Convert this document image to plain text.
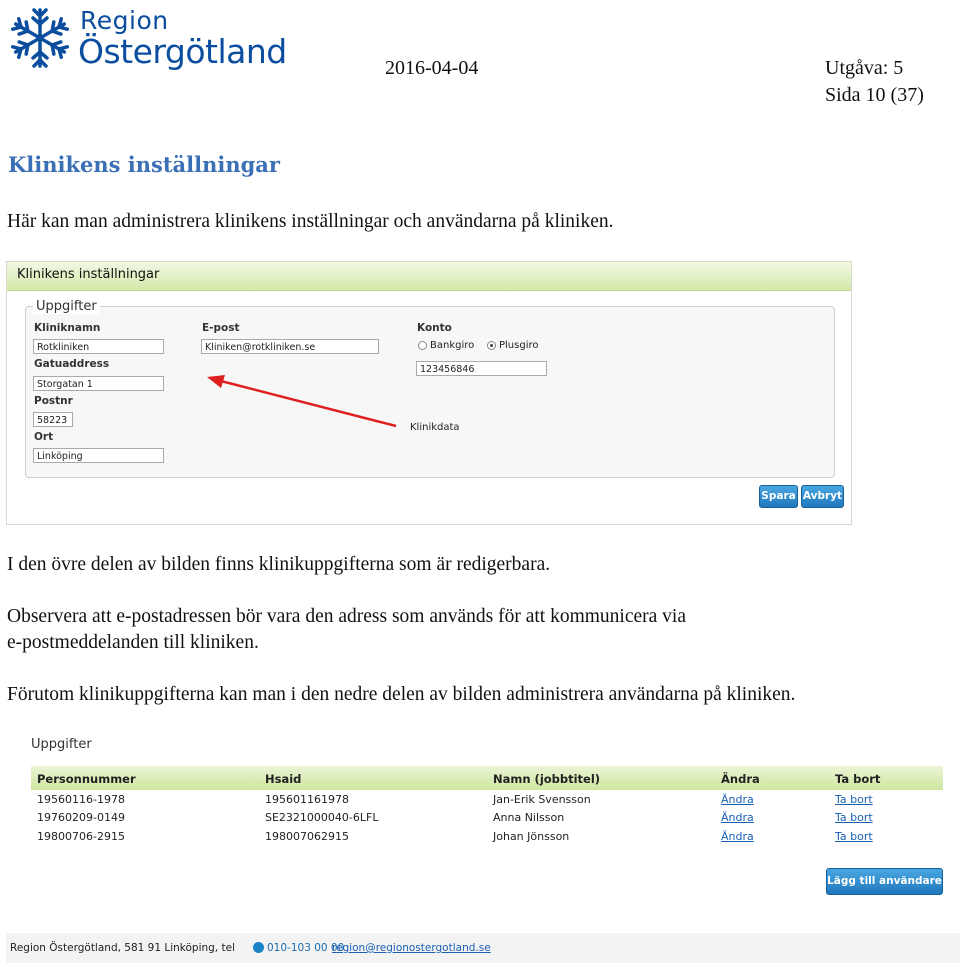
Region
Östergötland	2016-04-04	Utgåva: 5
Sida 10 (37)
Klinikens inställningar
Här kan man administrera klinikens inställningar och användarna på kliniken.
Klinikens inställningar
Uppgifter
Kliniknamn
Rotkliniken
Gatuaddress
Storgatan 1
Postnr
58223
Ort
Linköping
E-post
Kliniken@rotkliniken.se
Konto
Bankgiro Plusgiro
123456846
Klinikdata
Spara Avbryt
I den övre delen av bilden finns klinikuppgifterna som är redigerbara.
Observera att e-postadressen bör vara den adress som används för att kommunicera via
e-postmeddelanden till kliniken.
Förutom klinikuppgifterna kan man i den nedre delen av bilden administrera användarna på kliniken.
Uppgifter
Personnummer	Hsaid	Namn (jobbtitel)	Ändra	Ta bort
19560116-1978	195601161978	Jan-Erik Svensson	Ändra	Ta bort
19760209-0149	SE2321000040-6LFL	Anna Nilsson	Ändra	Ta bort
19800706-2915	198007062915	Johan Jönsson	Ändra	Ta bort
Lägg till användare
Region Östergötland, 581 91 Linköping, tel	010-103 00 00
region@regionostergotland.se
